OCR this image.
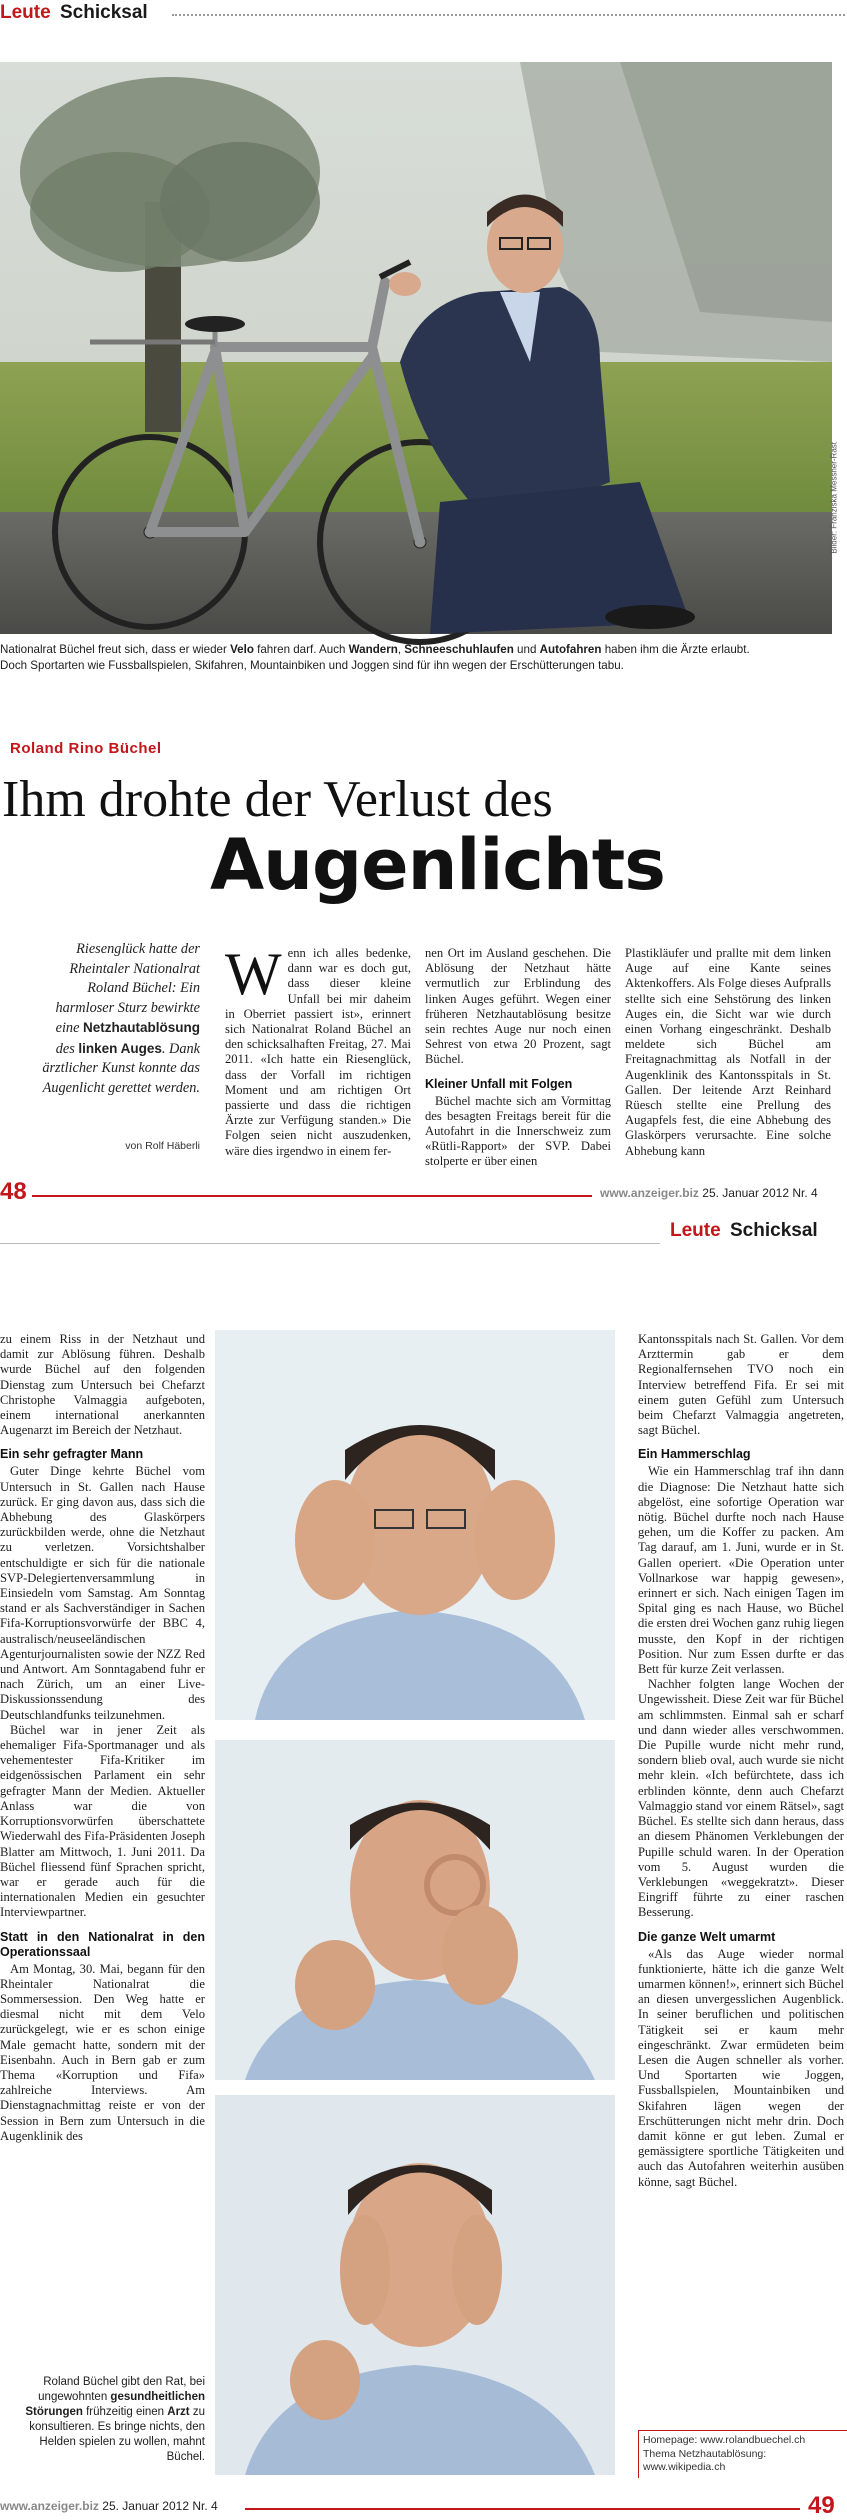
Leute Schicksal
Bilder: Franziska Messner-Rast
Nationalrat Büchel freut sich, dass er wieder Velo fahren darf. Auch Wandern, Schneeschuhlaufen und Autofahren haben ihm die Ärzte erlaubt.
Doch Sportarten wie Fussballspielen, Skifahren, Mountainbiken und Joggen sind für ihn wegen der Erschütterungen tabu.
Roland Rino Büchel
Ihm drohte der Verlust des
Augenlichts
Riesenglück hatte der Rheintaler Nationalrat Roland Büchel: Ein harmloser Sturz bewirkte eine Netzhautablösung des linken Auges. Dank ärztlicher Kunst konnte das Augenlicht gerettet werden.
von Rolf Häberli

Wenn ich alles bedenke, dann war es doch gut, dass dieser kleine Unfall bei mir daheim in Oberriet passiert ist», erinnert sich Nationalrat Roland Büchel an den schicksalhaften Freitag, 27. Mai 2011. «Ich hatte ein Riesenglück, dass der Vorfall im richtigen Moment und am richtigen Ort passierte und dass die richtigen Ärzte zur Verfügung standen.» Die Folgen seien nicht auszudenken, wäre dies irgendwo in einem fer-

nen Ort im Ausland geschehen. Die Ablösung der Netzhaut hätte vermutlich zur Erblindung des linken Auges geführt. Wegen einer früheren Netzhautablösung besitze sein rechtes Auge nur noch einen Sehrest von etwa 20 Prozent, sagt Büchel.

Kleiner Unfall mit Folgen

Büchel machte sich am Vormittag des besagten Freitags bereit für die Autofahrt in die Innerschweiz zum «Rütli-Rapport» der SVP. Dabei stolperte er über einen

Plastikläufer und prallte mit dem linken Auge auf eine Kante seines Aktenkoffers. Als Folge dieses Aufpralls stellte sich eine Sehstörung des linken Auges ein, die Sicht war wie durch einen Vorhang eingeschränkt. Deshalb meldete sich Büchel am Freitagnachmittag als Notfall in der Augenklinik des Kantonsspitals in St. Gallen. Der leitende Arzt Reinhard Rüesch stellte eine Prellung des Augapfels fest, die eine Abhebung des Glaskörpers verursachte. Eine solche Abhebung kann

48	www.anzeiger.biz 25. Januar 2012 Nr. 4
Leute Schicksal

zu einem Riss in der Netzhaut und damit zur Ablösung führen. Deshalb wurde Büchel auf den folgenden Dienstag zum Untersuch bei Chefarzt Christophe Valmaggia aufgeboten, einem international anerkannten Augenarzt im Bereich der Netzhaut.

Ein sehr gefragter Mann

Guter Dinge kehrte Büchel vom Untersuch in St. Gallen nach Hause zurück. Er ging davon aus, dass sich die Abhebung des Glaskörpers zurückbilden werde, ohne die Netzhaut zu verletzen. Vorsichtshalber entschuldigte er sich für die nationale SVP-Delegiertenversammlung in Einsiedeln vom Samstag. Am Sonntag stand er als Sachverständiger in Sachen Fifa-Korruptionsvorwürfe der BBC 4, australisch/neuseeländischen Agenturjournalisten sowie der NZZ Red und Antwort. Am Sonntagabend fuhr er nach Zürich, um an einer Live-Diskussionssendung des Deutschlandfunks teilzunehmen.

Büchel war in jener Zeit als ehemaliger Fifa-Sportmanager und als vehementester Fifa-Kritiker im eidgenössischen Parlament ein sehr gefragter Mann der Medien. Aktueller Anlass war die von Korruptionsvorwürfen überschattete Wiederwahl des Fifa-Präsidenten Joseph Blatter am Mittwoch, 1. Juni 2011. Da Büchel fliessend fünf Sprachen spricht, war er gerade auch für die internationalen Medien ein gesuchter Interviewpartner.

Statt in den Nationalrat in den Operationssaal

Am Montag, 30. Mai, begann für den Rheintaler Nationalrat die Sommersession. Den Weg hatte er diesmal nicht mit dem Velo zurückgelegt, wie er es schon einige Male gemacht hatte, sondern mit der Eisenbahn. Auch in Bern gab er zum Thema «Korruption und Fifa» zahlreiche Interviews. Am Dienstagnachmittag reiste er von der Session in Bern zum Untersuch in die Augenklinik des

Roland Büchel gibt den Rat, bei ungewohnten gesundheitlichen Störungen frühzeitig einen Arzt zu konsultieren. Es bringe nichts, den Helden spielen zu wollen, mahnt Büchel.

Kantonsspitals nach St. Gallen. Vor dem Arzttermin gab er dem Regionalfernsehen TVO noch ein Interview betreffend Fifa. Er sei mit einem guten Gefühl zum Untersuch beim Chefarzt Valmaggia angetreten, sagt Büchel.

Ein Hammerschlag

Wie ein Hammerschlag traf ihn dann die Diagnose: Die Netzhaut hatte sich abgelöst, eine sofortige Operation war nötig. Büchel durfte noch nach Hause gehen, um die Koffer zu packen. Am Tag darauf, am 1. Juni, wurde er in St. Gallen operiert. «Die Operation unter Vollnarkose war happig gewesen», erinnert er sich. Nach einigen Tagen im Spital ging es nach Hause, wo Büchel die ersten drei Wochen ganz ruhig liegen musste, den Kopf in der richtigen Position. Nur zum Essen durfte er das Bett für kurze Zeit verlassen.

Nachher folgten lange Wochen der Ungewissheit. Diese Zeit war für Büchel am schlimmsten. Einmal sah er scharf und dann wieder alles verschwommen. Die Pupille wurde nicht mehr rund, sondern blieb oval, auch wurde sie nicht mehr klein. «Ich befürchtete, dass ich erblinden könnte, denn auch Chefarzt Valmaggio stand vor einem Rätsel», sagt Büchel. Es stellte sich dann heraus, dass an diesem Phänomen Verklebungen der Pupille schuld waren. In der Operation vom 5. August wurden die Verklebungen «weggekratzt». Dieser Eingriff führte zu einer raschen Besserung.

Die ganze Welt umarmt

«Als das Auge wieder normal funktionierte, hätte ich die ganze Welt umarmen können!», erinnert sich Büchel an diesen unvergesslichen Augenblick. In seiner beruflichen und politischen Tätigkeit sei er kaum mehr eingeschränkt. Zwar ermüdeten beim Lesen die Augen schneller als vorher. Und Sportarten wie Joggen, Fussballspielen, Mountainbiken und Skifahren lägen wegen der Erschütterungen nicht mehr drin. Doch damit könne er gut leben. Zumal er gemässigtere sportliche Tätigkeiten und auch das Autofahren weiterhin ausüben könne, sagt Büchel.

Homepage: www.rolandbuechel.ch
Thema Netzhautablösung:
www.wikipedia.ch
www.anzeiger.biz 25. Januar 2012 Nr. 4	49
